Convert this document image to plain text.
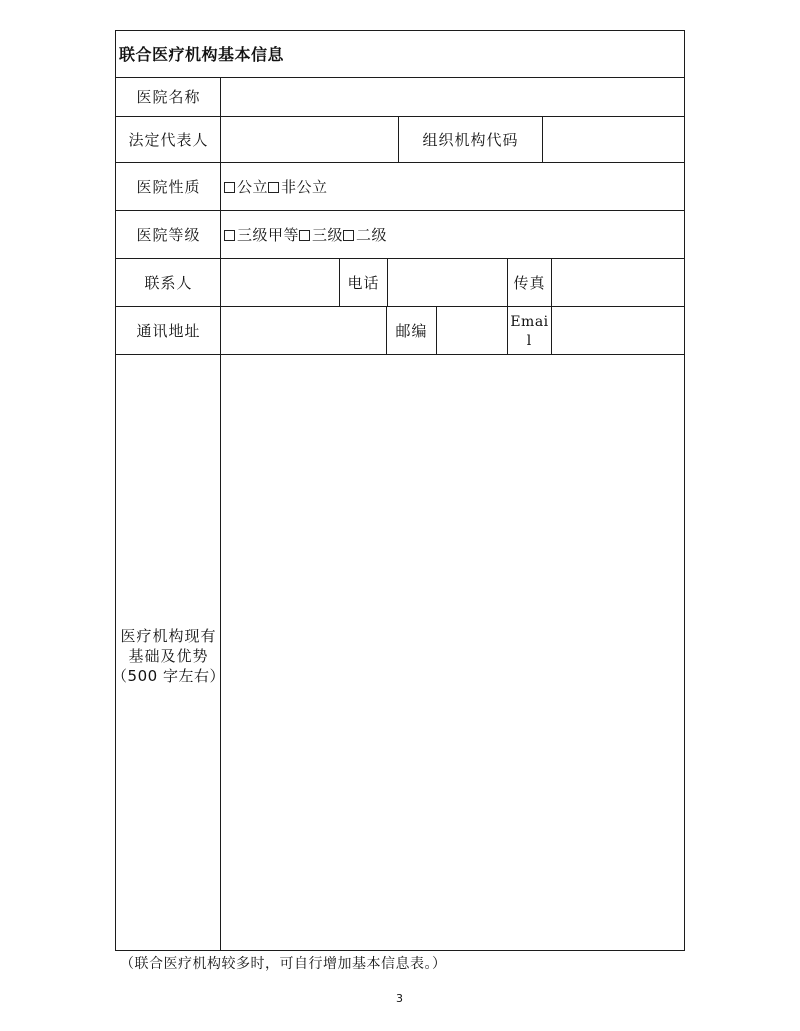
联合医疗机构基本信息
医院名称
法定代表人	组织机构代码
医院性质	公立 非公立
医院等级	三级甲等 三级 二级
联系人	电话	传真
通讯地址	邮编	Emai
l
医疗机构现有
基础及优势
（500 字左右）
（联合医疗机构较多时，可自行增加基本信息表。）
3
